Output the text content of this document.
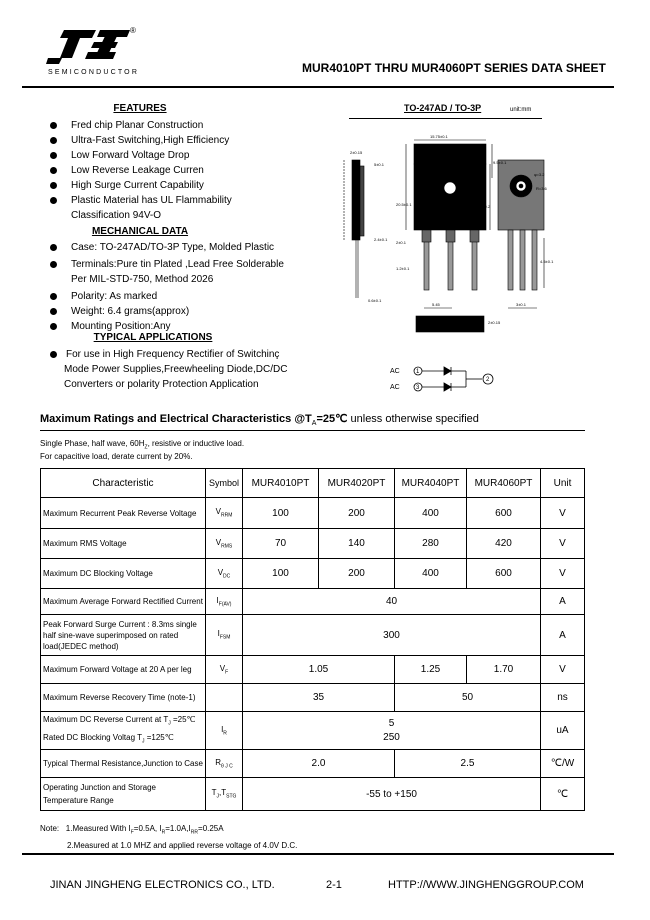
®
SEMICONDUCTOR	MUR4010PT THRU MUR4060PT SERIES DATA SHEET
FEATURES
Fred chip Planar Construction
Ultra-Fast Switching,High Efficiency
Low Forward Voltage Drop
Low Reverse Leakage Curren
High Surge Current Capability
Plastic Material has UL Flammability
Classification 94V-O
MECHANICAL DATA
Case: TO-247AD/TO-3P Type, Molded Plastic
Terminals:Pure tin Plated ,Lead Free Solderable
Per MIL-STD-750, Method 2026
Polarity: As marked
Weight: 6.4 grams(approx)
Mounting Position:Any
TYPICAL APPLICATIONS
For use in High Frequency Rectifier of Switchinç
Mode Power Supplies,Freewheeling Diode,DC/DC
Converters or polarity Protection Application
TO-247AD / TO-3P	unit:mm
15.75±0.1
5±0.1	9.5±0.1
20.5±0.1	19±0.2
2±0.1
2.4±0.1
1.2±0.1
0.6±0.1
5.45	3±0.1
4.5±0.1
2±0.15
φ=3.2
R=3.6
2±0.15
AC
AC
1
3
2
Maximum Ratings and Electrical Characteristics $@T_A=25℃$ unless otherwise specified
Single Phase, half wave, $60H_Z$, resistive or inductive load.
For capacitive load, derate current by 20%.
Characteristic	Symbol	MUR4010PT	MUR4020PT	MUR4040PT	MUR4060PT	Unit
Maximum Recurrent Peak Reverse Voltage	$V_{RRM}$	100	200	400	600	V
Maximum RMS Voltage	$V_{RMS}$	70	140	280	420	V
Maximum DC Blocking Voltage	$V_{DC}$	100	200	400	600	V
Maximum Average Forward Rectified Current	$I_{F(AV)}$	40				A
Peak Forward Surge Current : 8.3ms single
half sine-wave superimposed on rated
load(JEDEC method)	$I_{FSM}$	300				A
Maximum Forward Voltage at 20 A per leg	$V_F$	1.05		1.25	1.70	V
Maximum Reverse Recovery Time (note-1)		35		50		ns
Maximum DC Reverse Current at $T_J$ =25℃
Rated DC Blocking Voltag $T_J$ =125℃	$I_R$	5
250				uA
Typical Thermal Resistance,Junction to Case	$R_{\theta J C}$	2.0		2.5		℃/W
Operating Junction and Storage
Temperature Range	$T_J,T_{STG}$	-55 to +150				℃
Note: 1.Measured With $I_F=0.5A$, $I_R=1.0A,I_{RR}=0.25A$
2.Measured at 1.0 MHZ and applied reverse voltage of 4.0V D.C.
JINAN JINGHENG ELECTRONICS CO., LTD.	2-1	HTTP://WWW.JINGHENGGROUP.COM
